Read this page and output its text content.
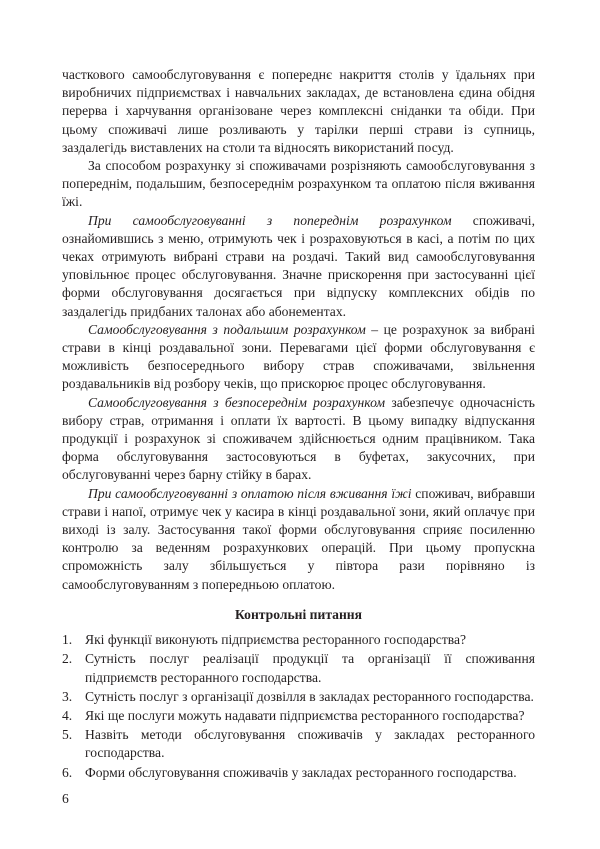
часткового самообслуговування є попереднє накриття столів у їдальнях при виробничих підприємствах і навчальних закладах, де встановлена єдина обідня перерва і харчування організоване через комплексні сніданки та обіди. При цьому споживачі лише розливають у тарілки перші страви із супниць, заздалегідь виставлених на столи та відносять використаний посуд.

За способом розрахунку зі споживачами розрізняють самообслуговування з попереднім, подальшим, безпосереднім розрахунком та оплатою після вживання їжі.

При самообслуговуванні з попереднім розрахунком споживачі, ознайомившись з меню, отримують чек і розраховуються в касі, а потім по цих чеках отримують вибрані страви на роздачі. Такий вид самообслуговування уповільнює процес обслуговування. Значне прискорення при застосуванні цієї форми обслуговування досягається при відпуску комплексних обідів по заздалегідь придбаних талонах або абонементах.

Самообслуговування з подальшим розрахунком – це розрахунок за вибрані страви в кінці роздавальної зони. Перевагами цієї форми обслуговування є можливість безпосереднього вибору страв споживачами, звільнення роздавальників від розбору чеків, що прискорює процес обслуговування.

Самообслуговування з безпосереднім розрахунком забезпечує одночасність вибору страв, отримання і оплати їх вартості. В цьому випадку відпускання продукції і розрахунок зі споживачем здійснюється одним працівником. Така форма обслуговування застосовуються в буфетах, закусочних, при обслуговуванні через барну стійку в барах.

При самообслуговуванні з оплатою після вживання їжі споживач, вибравши страви і напої, отримує чек у касира в кінці роздавальної зони, який оплачує при виході із залу. Застосування такої форми обслуговування сприяє посиленню контролю за веденням розрахункових операцій. При цьому пропускна спроможність залу збільшується у півтора рази порівняно із самообслуговуванням з попередньою оплатою.

Контрольні питання
1. Які функції виконують підприємства ресторанного господарства?
2. Сутність послуг реалізації продукції та організації її споживання підприємств ресторанного господарства.
3. Сутність послуг з організації дозвілля в закладах ресторанного господарства.
4. Які ще послуги можуть надавати підприємства ресторанного господарства?
5. Назвіть методи обслуговування споживачів у закладах ресторанного господарства.
6. Форми обслуговування споживачів у закладах ресторанного господарства.
6
